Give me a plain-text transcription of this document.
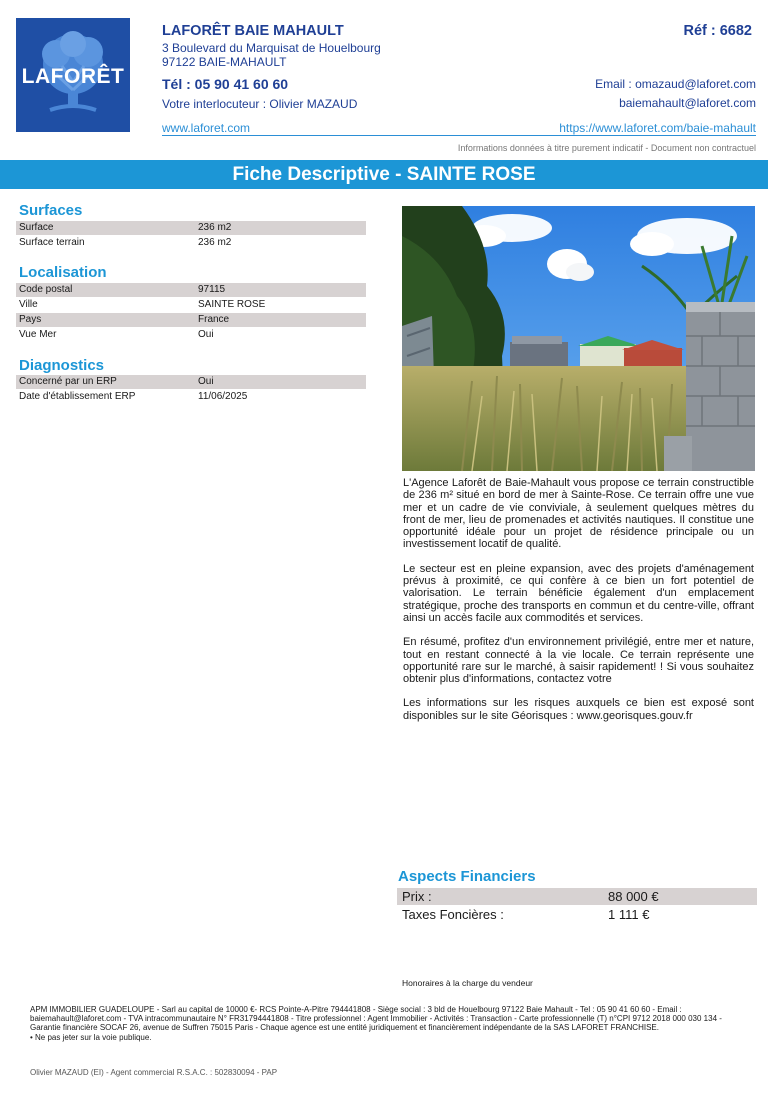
LAFORÊT
LAFORÊT BAIE MAHAULT	Réf : 6682
3 Boulevard du Marquisat de Houelbourg
97122 BAIE-MAHAULT
Tél : 05 90 41 60 60
Votre interlocuteur : Olivier MAZAUD
Email : omazaud@laforet.com
baiemahault@laforet.com
www.laforet.com	https://www.laforet.com/baie-mahault
Informations données à titre purement indicatif - Document non contractuel
Fiche Descriptive - SAINTE ROSE
Surfaces
Surface	236 m2
Surface terrain	236 m2
Localisation
Code postal	97115
Ville	SAINTE ROSE
Pays	France
Vue Mer	Oui
Diagnostics
Concerné par un ERP	Oui
Date d'établissement ERP	11/06/2025

L'Agence Laforêt de Baie-Mahault vous propose ce terrain constructible de 236 m² situé en bord de mer à Sainte-Rose. Ce terrain offre une vue mer et un cadre de vie conviviale, à seulement quelques mètres du front de mer, lieu de promenades et activités nautiques. Il constitue une opportunité idéale pour un projet de résidence principale ou un investissement locatif de qualité.

Le secteur est en pleine expansion, avec des projets d'aménagement prévus à proximité, ce qui confère à ce bien un fort potentiel de valorisation. Le terrain bénéficie également d'un emplacement stratégique, proche des transports en commun et du centre-ville, offrant ainsi un accès facile aux commodités et services.

En résumé, profitez d'un environnement privilégié, entre mer et nature, tout en restant connecté à la vie locale. Ce terrain représente une opportunité rare sur le marché, à saisir rapidement! ! Si vous souhaitez obtenir plus d'informations, contactez votre

Les informations sur les risques auxquels ce bien est exposé sont disponibles sur le site Géorisques : www.georisques.gouv.fr

Aspects Financiers
Prix :	88 000 €
Taxes Foncières :	1 111 €
Honoraires à la charge du vendeur
APM IMMOBILIER GUADELOUPE - Sarl au capital de 10000 €- RCS Pointe-A-Pitre 794441808 - Siège social : 3 bld de Houelbourg 97122 Baie Mahault - Tel : 05 90 41 60 60 - Email : baiemahault@laforet.com - TVA intracommunautaire N° FR31794441808 - Titre professionnel : Agent Immobilier - Activités : Transaction - Carte professionnelle (T) n°CPI 9712 2018 000 030 134 - Garantie financière SOCAF 26, avenue de Suffren 75015 Paris - Chaque agence est une entité juridiquement et financièrement indépendante de la SAS LAFORET FRANCHISE.
• Ne pas jeter sur la voie publique.
Olivier MAZAUD (EI) - Agent commercial R.S.A.C. : 502830094 - PAP
